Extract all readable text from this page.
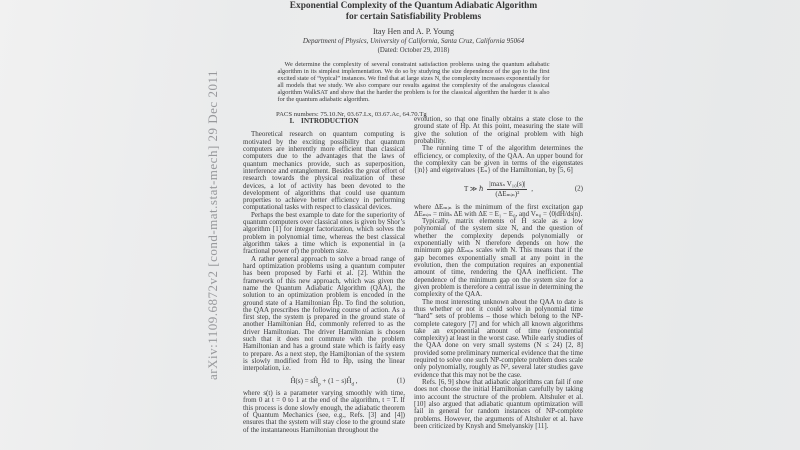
arXiv:1109.6872v2 [cond-mat.stat-mech] 29 Dec 2011
Exponential Complexity of the Quantum Adiabatic Algorithm
for certain Satisfiability Problems
Itay Hen and A. P. Young
Department of Physics, University of California, Santa Cruz, California 95064
(Dated: October 29, 2018)
We determine the complexity of several constraint satisfaction problems using the quantum adiabatic algorithm in its simplest implementation. We do so by studying the size dependence of the gap to the first excited state of “typical” instances. We find that at large sizes N, the complexity increases exponentially for all models that we study. We also compare our results against the complexity of the analogous classical algorithm WalkSAT and show that the harder the problem is for the classical algorithm the harder it is also for the quantum adiabatic algorithm.
PACS numbers: 75.10.Nr, 03.67.Lx, 03.67.Ac, 64.70.Tg
I. INTRODUCTION

Theoretical research on quantum computing is motivated by the exciting possibility that quantum computers are inherently more efficient than classical computers due to the advantages that the laws of quantum mechanics provide, such as superposition, interference and entanglement. Besides the great effort of research towards the physical realization of these devices, a lot of activity has been devoted to the development of algorithms that could use quantum properties to achieve better efficiency in performing computational tasks with respect to classical devices.

Perhaps the best example to date for the superiority of quantum computers over classical ones is given by Shor’s algorithm [1] for integer factorization, which solves the problem in polynomial time, whereas the best classical algorithm takes a time which is exponential in (a fractional power of) the problem size.

A rather general approach to solve a broad range of hard optimization problems using a quantum computer has been proposed by Farhi et al. [2]. Within the framework of this new approach, which was given the name the Quantum Adiabatic Algorithm (QAA), the solution to an optimization problem is encoded in the ground state of a Hamiltonian Ĥp. To find the solution, the QAA prescribes the following course of action. As a first step, the system is prepared in the ground state of another Hamiltonian Ĥd, commonly referred to as the driver Hamiltonian. The driver Hamiltonian is chosen such that it does not commute with the problem Hamiltonian and has a ground state which is fairly easy to prepare. As a next step, the Hamiltonian of the system is slowly modified from Ĥd to Ĥp, using the linear interpolation, i.e.

Ĥ(s) = $sĤ_p + (1$ − $s)Ĥ_d$ ,	(1)

where s(t) is a parameter varying smoothly with time, from 0 at t = 0 to 1 at the end of the algorithm, t = T. If this process is done slowly enough, the adiabatic theorem of Quantum Mechanics (see, e.g., Refs. [3] and [4]) ensures that the system will stay close to the ground state of the instantaneous Hamiltonian throughout the

evolution, so that one finally obtains a state close to the ground state of Ĥp. At this point, measuring the state will give the solution of the original problem with high probability.

The running time T of the algorithm determines the efficiency, or complexity, of the QAA. An upper bound for the complexity can be given in terms of the eigenstates {|n⟩} and eigenvalues {Eₙ} of the Hamiltonian, by [5, 6]

T ≫ ℏ $\frac{\text{|maxₛ V₁₀(s)|}}{\text{(ΔEₘᵢₙ)²}}$ ,	(2)

where ΔEₘᵢₙ is the minimum of the first excitation gap ΔEₘᵢₙ = minₛ ΔE with ΔE = E₁ − E₀, and Vₙ₀ = ⟨0|dĤ/ds|n⟩.

Typically, matrix elements of Ĥ scale as a low polynomial of the system size N, and the question of whether the complexity depends polynomially or exponentially with N therefore depends on how the minimum gap ΔEₘᵢₙ scales with N. This means that if the gap becomes exponentially small at any point in the evolution, then the computation requires an exponential amount of time, rendering the QAA inefficient. The dependence of the minimum gap on the system size for a given problem is therefore a central issue in determining the complexity of the QAA.

The most interesting unknown about the QAA to date is thus whether or not it could solve in polynomial time “hard” sets of problems – those which belong to the NP-complete category [7] and for which all known algorithms take an exponential amount of time (exponential complexity) at least in the worst case. While early studies of the QAA done on very small systems (N ≤ 24) [2, 8] provided some preliminary numerical evidence that the time required to solve one such NP-complete problem does scale only polynomially, roughly as N², several later studies gave evidence that this may not be the case.

Refs. [6, 9] show that adiabatic algorithms can fail if one does not choose the initial Hamiltonian carefully by taking into account the structure of the problem. Altshuler et al. [10] also argued that adiabatic quantum optimization will fail in general for random instances of NP-complete problems. However, the arguments of Altshuler et al. have been criticized by Knysh and Smelyanskiy [11].
